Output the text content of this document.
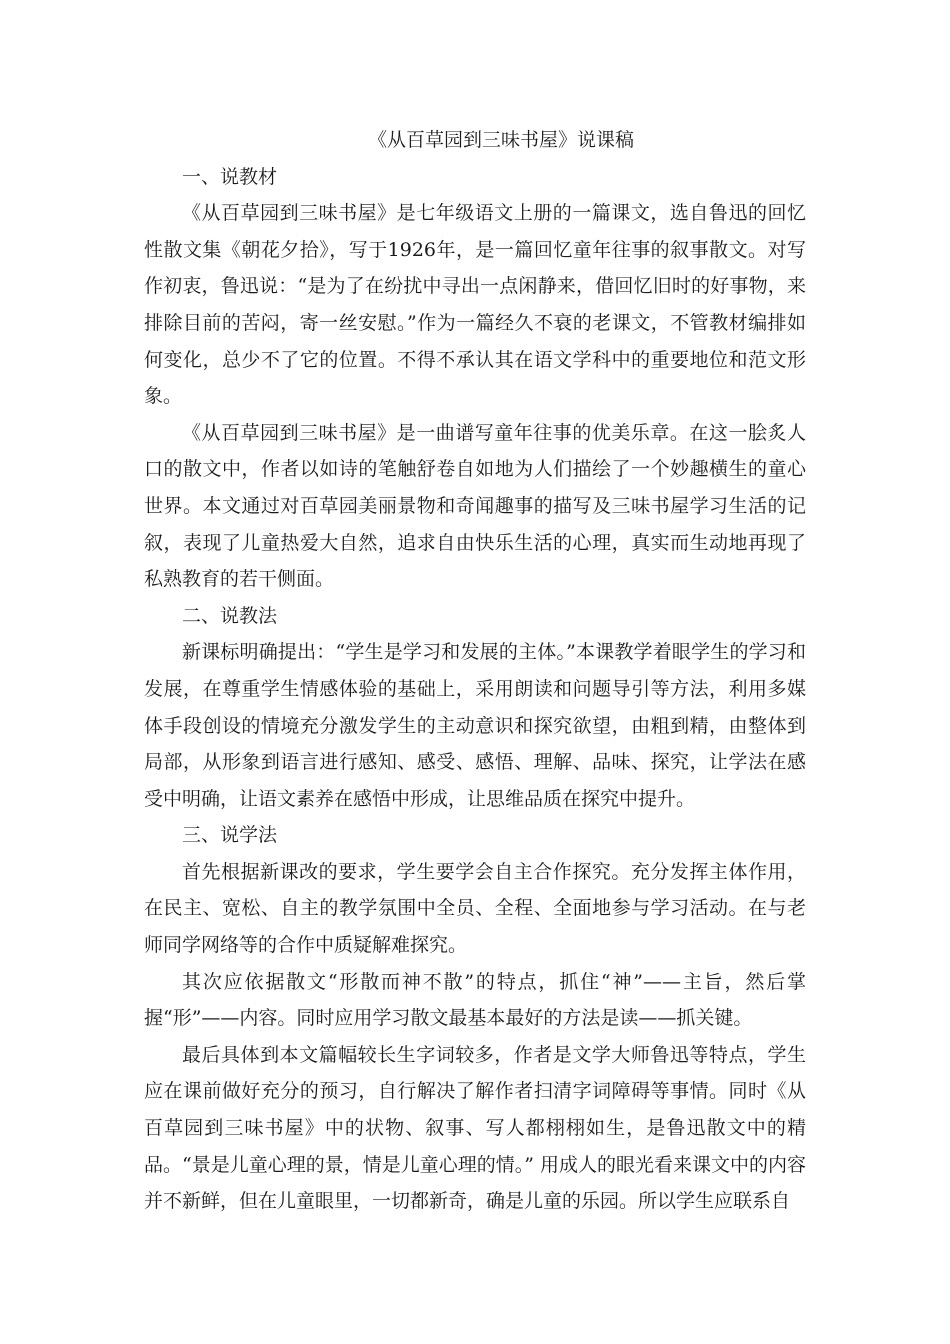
《从百草园到三味书屋》说课稿

一、说教材

《从百草园到三味书屋》是七年级语文上册的一篇课文，选自鲁迅的回忆性散文集《朝花夕拾》，写于1926年，是一篇回忆童年往事的叙事散文。对写作初衷，鲁迅说：“是为了在纷扰中寻出一点闲静来，借回忆旧时的好事物，来排除目前的苦闷，寄一丝安慰。”作为一篇经久不衰的老课文，不管教材编排如何变化，总少不了它的位置。不得不承认其在语文学科中的重要地位和范文形象。

《从百草园到三味书屋》是一曲谱写童年往事的优美乐章。在这一脍炙人口的散文中，作者以如诗的笔触舒卷自如地为人们描绘了一个妙趣横生的童心世界。本文通过对百草园美丽景物和奇闻趣事的描写及三味书屋学习生活的记叙，表现了儿童热爱大自然，追求自由快乐生活的心理，真实而生动地再现了私熟教育的若干侧面。

二、说教法

新课标明确提出：“学生是学习和发展的主体。”本课教学着眼学生的学习和发展，在尊重学生情感体验的基础上，采用朗读和问题导引等方法，利用多媒体手段创设的情境充分激发学生的主动意识和探究欲望，由粗到精，由整体到局部，从形象到语言进行感知、感受、感悟、理解、品味、探究，让学法在感受中明确，让语文素养在感悟中形成，让思维品质在探究中提升。

三、说学法

首先根据新课改的要求，学生要学会自主合作探究。充分发挥主体作用，在民主、宽松、自主的教学氛围中全员、全程、全面地参与学习活动。在与老师同学网络等的合作中质疑解难探究。

其次应依据散文“形散而神不散”的特点，抓住“神”——主旨，然后掌握“形”——内容。同时应用学习散文最基本最好的方法是读——抓关键。

最后具体到本文篇幅较长生字词较多，作者是文学大师鲁迅等特点，学生应在课前做好充分的预习，自行解决了解作者扫清字词障碍等事情。同时《从百草园到三味书屋》中的状物、叙事、写人都栩栩如生，是鲁迅散文中的精品。“景是儿童心理的景，情是儿童心理的情。” 用成人的眼光看来课文中的内容并不新鲜，但在儿童眼里，一切都新奇，确是儿童的乐园。所以学生应联系自
